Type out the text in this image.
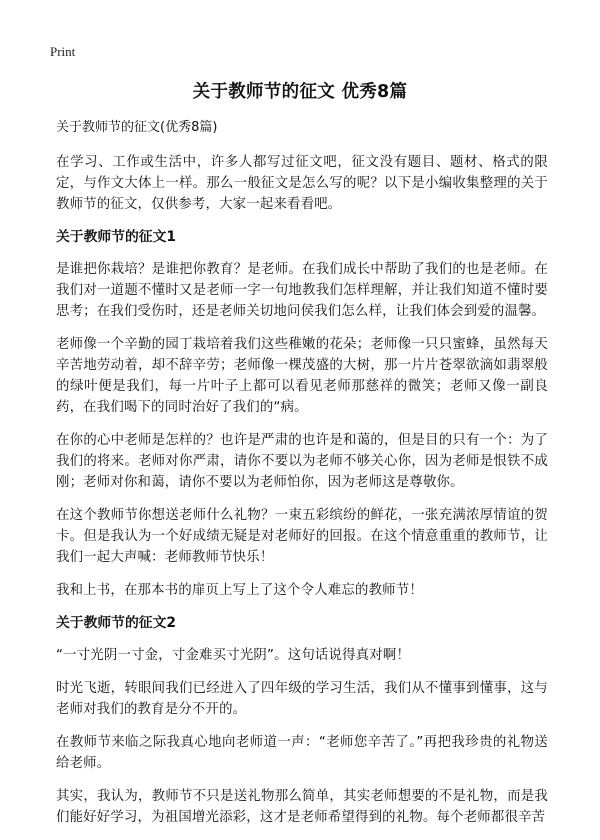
Print
关于教师节的征文 优秀8篇

关于教师节的征文(优秀8篇)

在学习、工作或生活中，许多人都写过征文吧，征文没有题目、题材、格式的限定，与作文大体上一样。那么一般征文是怎么写的呢？以下是小编收集整理的关于教师节的征文，仅供参考，大家一起来看看吧。

关于教师节的征文1

是谁把你栽培？是谁把你教育？是老师。在我们成长中帮助了我们的也是老师。在我们对一道题不懂时又是老师一字一句地教我们怎样理解，并让我们知道不懂时要思考；在我们受伤时，还是老师关切地问侯我们怎么样，让我们体会到爱的温馨。

老师像一个辛勤的园丁栽培着我们这些稚嫩的花朵；老师像一只只蜜蜂，虽然每天辛苦地劳动着，却不辞辛劳；老师像一棵茂盛的大树，那一片片苍翠欲滴如翡翠般的绿叶便是我们，每一片叶子上都可以看见老师那慈祥的微笑；老师又像一副良药，在我们喝下的同时治好了我们的“病。

在你的心中老师是怎样的？也许是严肃的也许是和蔼的，但是目的只有一个：为了我们的将来。老师对你严肃，请你不要以为老师不够关心你，因为老师是恨铁不成刚；老师对你和蔼，请你不要以为老师怕你，因为老师这是尊敬你。

在这个教师节你想送老师什么礼物？一束五彩缤纷的鲜花，一张充满浓厚情谊的贺卡。但是我认为一个好成绩无疑是对老师好的回报。在这个情意重重的教师节，让我们一起大声喊：老师教师节快乐！

我和上书，在那本书的扉页上写上了这个令人难忘的教师节！

关于教师节的征文2

“一寸光阴一寸金，寸金难买寸光阴”。这句话说得真对啊！

时光飞逝，转眼间我们已经进入了四年级的学习生活，我们从不懂事到懂事，这与老师对我们的教育是分不开的。

在教师节来临之际我真心地向老师道一声：“老师您辛苦了。”再把我珍贵的礼物送给老师。

其实，我认为，教师节不只是送礼物那么简单，其实老师想要的不是礼物，而是我们能好好学习，为祖国增光添彩，这才是老师希望得到的礼物。每个老师都很辛苦
